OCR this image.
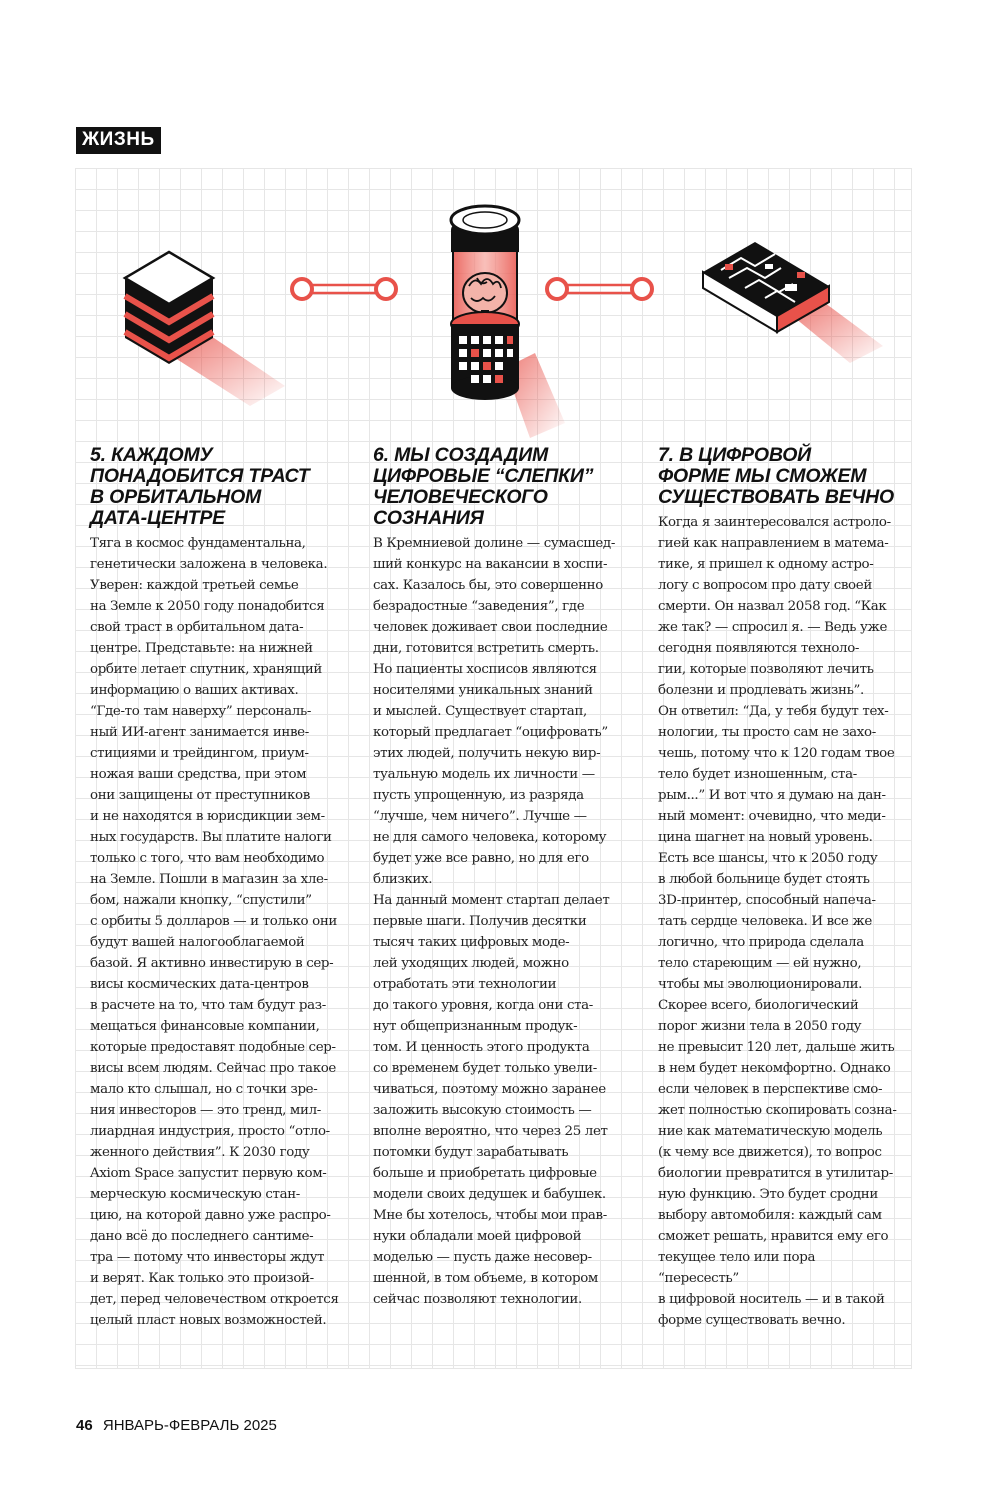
ЖИЗНЬ
5. КАЖДОМУ
ПОНАДОБИТСЯ ТРАСТ
В ОРБИТАЛЬНОМ
ДАТА-ЦЕНТРЕ

Тяга в космос фундаментальна,
генетически заложена в человека.
Уверен: каждой третьей семье
на Земле к 2050 году понадобится
свой траст в орбитальном дата-
центре. Представьте: на нижней
орбите летает спутник, хранящий
информацию о ваших активах.
“Где-то там наверху” персональ-
ный ИИ-агент занимается инве-
стициями и трейдингом, приум-
ножая ваши средства, при этом
они защищены от преступников
и не находятся в юрисдикции зем-
ных государств. Вы платите налоги
только с того, что вам необходимо
на Земле. Пошли в магазин за хле-
бом, нажали кнопку, “спустили”
с орбиты 5 долларов — и только они
будут вашей налогооблагаемой
базой. Я активно инвестирую в сер-
висы космических дата-центров
в расчете на то, что там будут раз-
мещаться финансовые компании,
которые предоставят подобные сер-
висы всем людям. Сейчас про такое
мало кто слышал, но с точки зре-
ния инвесторов — это тренд, мил-
лиардная индустрия, просто “отло-
женного действия”. К 2030 году
Axiom Space запустит первую ком-
мерческую космическую стан-
цию, на которой давно уже распро-
дано всё до последнего сантиме-
тра — потому что инвесторы ждут
и верят. Как только это произой-
дет, перед человечеством откроется
целый пласт новых возможностей.

6. МЫ СОЗДАДИМ
ЦИФРОВЫЕ “СЛЕПКИ”
ЧЕЛОВЕЧЕСКОГО
СОЗНАНИЯ

В Кремниевой долине — сумасшед-
ший конкурс на вакансии в хоспи-
сах. Казалось бы, это совершенно
безрадостные “заведения”, где
человек доживает свои последние
дни, готовится встретить смерть.
Но пациенты хосписов являются
носителями уникальных знаний
и мыслей. Существует стартап,
который предлагает “оцифровать”
этих людей, получить некую вир-
туальную модель их личности —
пусть упрощенную, из разряда
“лучше, чем ничего”. Лучше —
не для самого человека, которому
будет уже все равно, но для его
близких.
На данный момент стартап делает
первые шаги. Получив десятки
тысяч таких цифровых моде-
лей уходящих людей, можно
отработать эти технологии
до такого уровня, когда они ста-
нут общепризнанным продук-
том. И ценность этого продукта
со временем будет только увели-
чиваться, поэтому можно заранее
заложить высокую стоимость —
вполне вероятно, что через 25 лет
потомки будут зарабатывать
больше и приобретать цифровые
модели своих дедушек и бабушек.
Мне бы хотелось, чтобы мои прав-
нуки обладали моей цифровой
моделью — пусть даже несовер-
шенной, в том объеме, в котором
сейчас позволяют технологии.

7. В ЦИФРОВОЙ
ФОРМЕ МЫ СМОЖЕМ
СУЩЕСТВОВАТЬ ВЕЧНО

Когда я заинтересовался астроло-
гией как направлением в матема-
тике, я пришел к одному астро-
логу с вопросом про дату своей
смерти. Он назвал 2058 год. “Как
же так? — спросил я. — Ведь уже
сегодня появляются техноло-
гии, которые позволяют лечить
болезни и продлевать жизнь”.
Он ответил: “Да, у тебя будут тех-
нологии, ты просто сам не захо-
чешь, потому что к 120 годам твое
тело будет изношенным, ста-
рым...” И вот что я думаю на дан-
ный момент: очевидно, что меди-
цина шагнет на новый уровень.
Есть все шансы, что к 2050 году
в любой больнице будет стоять
3D-принтер, способный напеча-
тать сердце человека. И все же
логично, что природа сделала
тело стареющим — ей нужно,
чтобы мы эволюционировали.
Скорее всего, биологический
порог жизни тела в 2050 году
не превысит 120 лет, дальше жить
в нем будет некомфортно. Однако
если человек в перспективе смо-
жет полностью скопировать созна-
ние как математическую модель
(к чему все движется), то вопрос
биологии превратится в утилитар-
ную функцию. Это будет сродни
выбору автомобиля: каждый сам
сможет решать, нравится ему его
текущее тело или пора “пересесть”
в цифровой носитель — и в такой
форме существовать вечно.

46 ЯНВАРЬ-ФЕВРАЛЬ 2025
